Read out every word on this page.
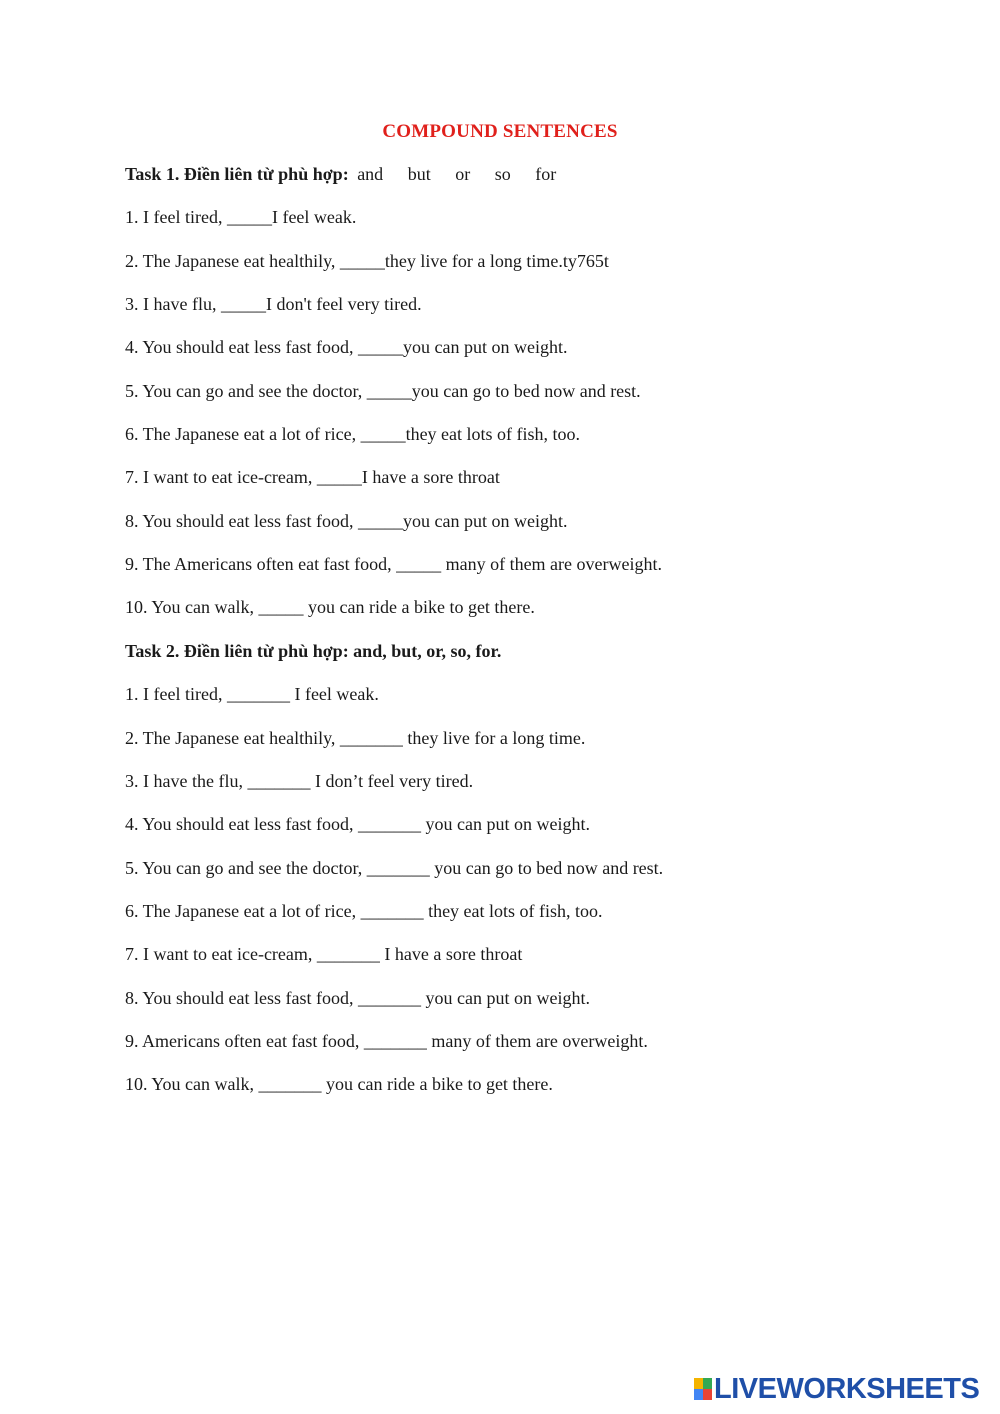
COMPOUND SENTENCES
Task 1. Điền liên từ phù hợp: and but or so for
1. I feel tired, _____I feel weak.
2. The Japanese eat healthily, _____they live for a long time.ty765t
3. I have flu, _____I don't feel very tired.
4. You should eat less fast food, _____you can put on weight.
5. You can go and see the doctor, _____you can go to bed now and rest.
6. The Japanese eat a lot of rice, _____they eat lots of fish, too.
7. I want to eat ice-cream, _____I have a sore throat
8. You should eat less fast food, _____you can put on weight.
9. The Americans often eat fast food, _____ many of them are overweight.
10. You can walk, _____ you can ride a bike to get there.
Task 2. Điền liên từ phù hợp: and, but, or, so, for.
1. I feel tired, _______ I feel weak.
2. The Japanese eat healthily, _______ they live for a long time.
3. I have the flu, _______ I don’t feel very tired.
4. You should eat less fast food, _______ you can put on weight.
5. You can go and see the doctor, _______ you can go to bed now and rest.
6. The Japanese eat a lot of rice, _______ they eat lots of fish, too.
7. I want to eat ice-cream, _______ I have a sore throat
8. You should eat less fast food, _______ you can put on weight.
9. Americans often eat fast food, _______ many of them are overweight.
10. You can walk, _______ you can ride a bike to get there.
LIVEWORKSHEETS
